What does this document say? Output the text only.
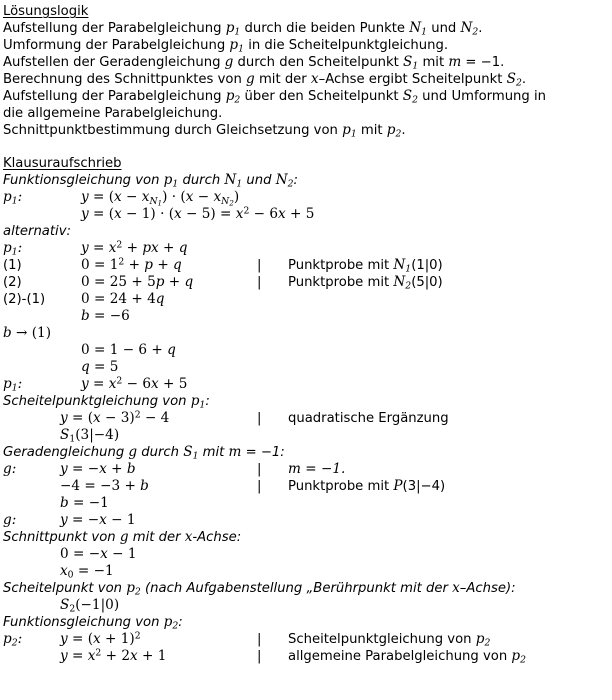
Lösungslogik
Aufstellung der Parabelgleichung $p_1$ durch die beiden Punkte $N_1$ und $N_2$.
Umformung der Parabelgleichung $p_1$ in die Scheitelpunktgleichung.
Aufstellen der Geradengleichung g durch den Scheitelpunkt $S_1$ mit m = −1.
Berechnung des Schnittpunktes von g mit der x–Achse ergibt Scheitelpunkt $S_2$.
Aufstellung der Parabelgleichung $p_2$ über den Scheitelpunkt $S_2$ und Umformung in
die allgemeine Parabelgleichung.
Schnittpunktbestimmung durch Gleichsetzung von $p_1$ mit $p_2$.
Klausuraufschrieb
Funktionsgleichung von $p_1$ durch $N_1$ und $N_2$:
$p_1$:	$y = (x - x_{N_1}) \cdot (x - x_{N_2})$
$y = (x - 1) \cdot (x - 5) = x^2 - 6x + 5$
alternativ:
$p_1$:	$y = x^2$ + px + q
(1)	$0 = 1^2 + p + q$	| Punktprobe mit $N_1(1|0)$
(2)	0 = 25 + 5p + q	| Punktprobe mit $N_2(5|0)$
(2)-(1)	0 = 24 + 4q
b = −6
b → (1)
0 = 1 − 6 + q
q = 5
$p_1$:	$y = x^2 - 6x + 5$
Scheitelpunktgleichung von $p_1$:
$y = (x - 3)^2 - 4$	| quadratische Ergänzung
$S_1(3|-4)$
Geradengleichung g durch $S_1$ mit m = −1:
g:	y = −x + b	| m = −1.
−4 = −3 + b	| Punktprobe mit P(3|−4)
b = −1
g:	y = −x − 1
Schnittpunkt von g mit der x-Achse:
0 = −x − 1
$x_0 = -1$
Scheitelpunkt von $p_2$ (nach Aufgabenstellung „Berührpunkt mit der x–Achse):
$S_2(-1|0)$
Funktionsgleichung von $p_2$:
$p_2$:	$y = (x + 1)^2$	| Scheitelpunktgleichung von $p_2$
$y = x^2 + 2x + 1$	| allgemeine Parabelgleichung von $p_2$
